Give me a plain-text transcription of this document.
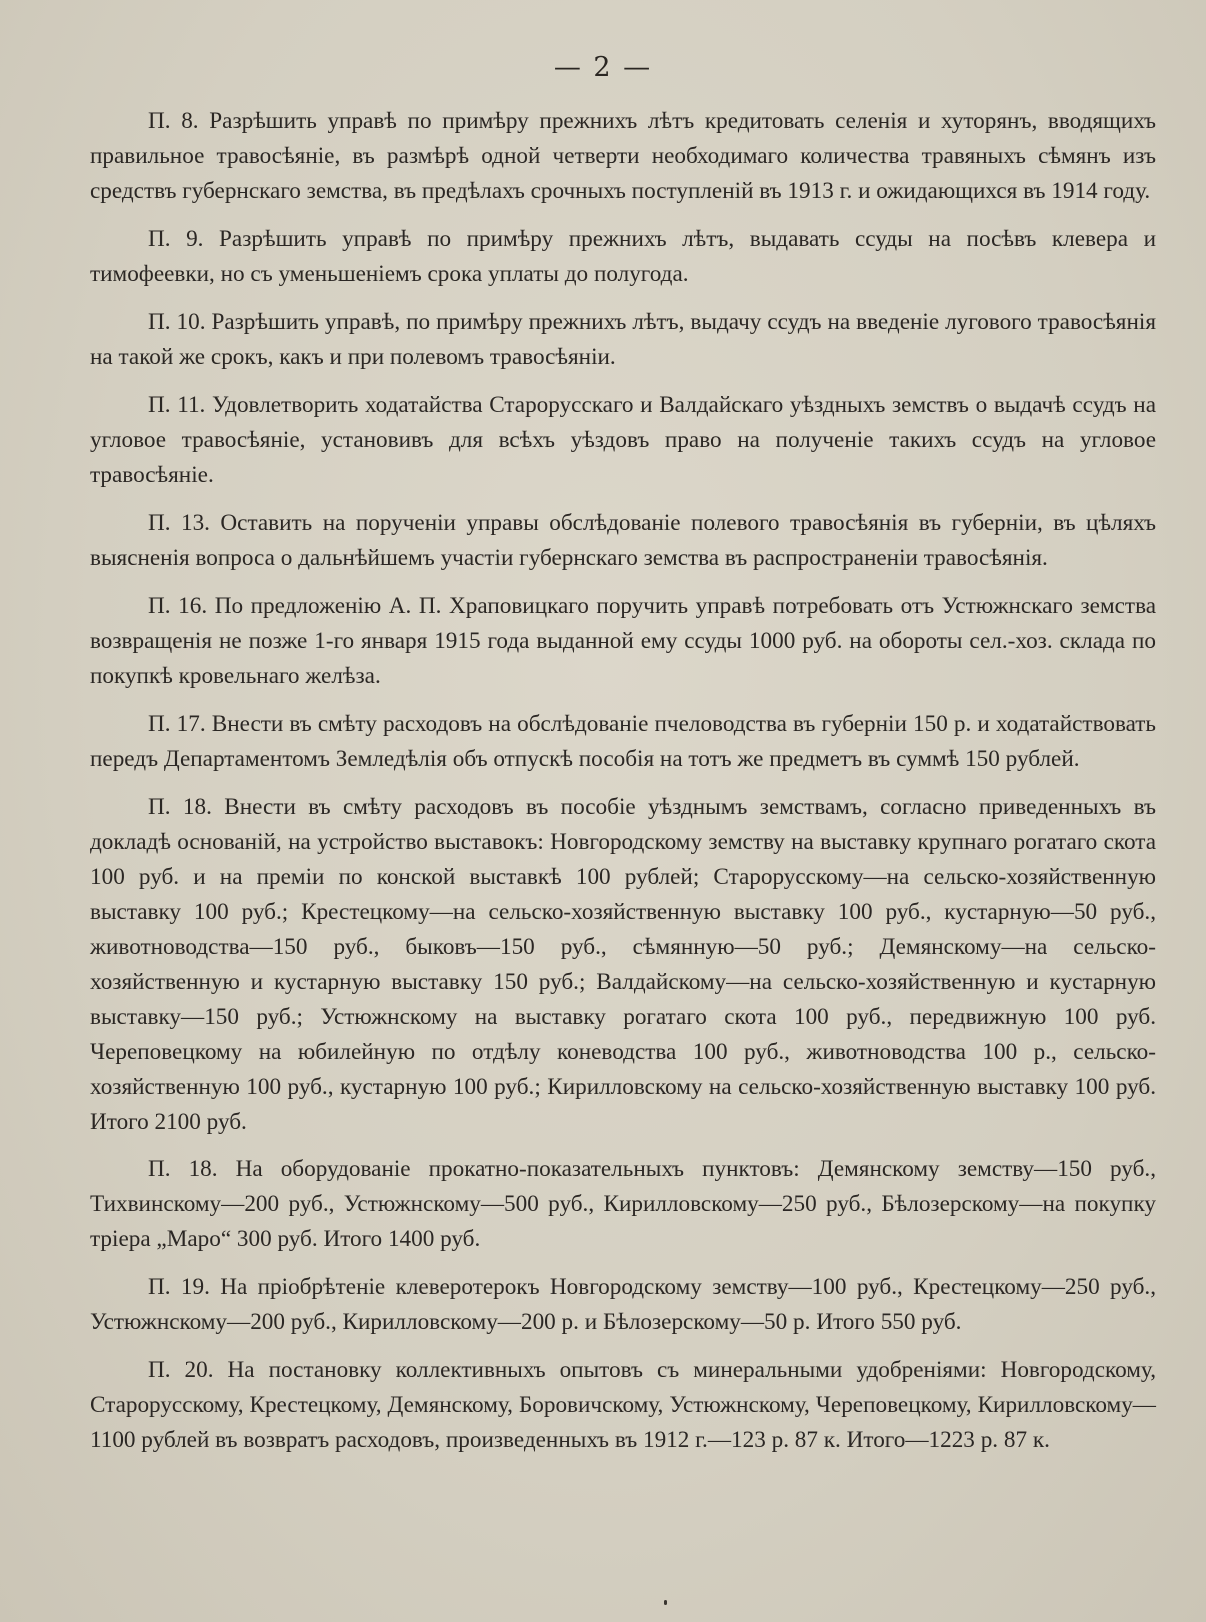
— 2 —

П. 8. Разрѣшить управѣ по примѣру прежнихъ лѣтъ кредитовать селенія и хуторянъ, вводящихъ правильное травосѣяніе, въ размѣрѣ одной четверти необходимаго количества травяныхъ сѣмянъ изъ средствъ губернскаго земства, въ предѣлахъ срочныхъ поступленій въ 1913 г. и ожидающихся въ 1914 году.

П. 9. Разрѣшить управѣ по примѣру прежнихъ лѣтъ, выдавать ссуды на посѣвъ клевера и тимофеевки, но съ уменьшеніемъ срока уплаты до полугода.

П. 10. Разрѣшить управѣ, по примѣру прежнихъ лѣтъ, выдачу ссудъ на введеніе лугового травосѣянія на такой же срокъ, какъ и при полевомъ травосѣяніи.

П. 11. Удовлетворить ходатайства Старорусскаго и Валдайскаго уѣздныхъ земствъ о выдачѣ ссудъ на угловое травосѣяніе, установивъ для всѣхъ уѣздовъ право на полученіе такихъ ссудъ на угловое травосѣяніе.

П. 13. Оставить на порученіи управы обслѣдованіе полевого травосѣянія въ губерніи, въ цѣляхъ выясненія вопроса о дальнѣйшемъ участіи губернскаго земства въ распространеніи травосѣянія.

П. 16. По предложенію А. П. Храповицкаго поручить управѣ потребовать отъ Устюжнскаго земства возвращенія не позже 1-го января 1915 года выданной ему ссуды 1000 руб. на обороты сел.-хоз. склада по покупкѣ кровельнаго желѣза.

П. 17. Внести въ смѣту расходовъ на обслѣдованіе пчеловодства въ губерніи 150 р. и ходатайствовать передъ Департаментомъ Земледѣлія объ отпускѣ пособія на тотъ же предметъ въ суммѣ 150 рублей.

П. 18. Внести въ смѣту расходовъ въ пособіе уѣзднымъ земствамъ, согласно приведенныхъ въ докладѣ основаній, на устройство выставокъ: Новгородскому земству на выставку крупнаго рогатаго скота 100 руб. и на преміи по конской выставкѣ 100 рублей; Старорусскому—на сельско-хозяйственную выставку 100 руб.; Крестецкому—на сельско-хозяйственную выставку 100 руб., кустарную—50 руб., животноводства—150 руб., быковъ—150 руб., сѣмянную—50 руб.; Демянскому—на сельско-хозяйственную и кустарную выставку 150 руб.; Валдайскому—на сельско-хозяйственную и кустарную выставку—150 руб.; Устюжнскому на выставку рогатаго скота 100 руб., передвижную 100 руб. Череповецкому на юбилейную по отдѣлу коневодства 100 руб., животноводства 100 р., сельско-хозяйственную 100 руб., кустарную 100 руб.; Кирилловскому на сельско-хозяйственную выставку 100 руб. Итого 2100 руб.

П. 18. На оборудованіе прокатно-показательныхъ пунктовъ: Демянскому земству—150 руб., Тихвинскому—200 руб., Устюжнскому—500 руб., Кирилловскому—250 руб., Бѣлозерскому—на покупку тріера „Маро“ 300 руб. Итого 1400 руб.

П. 19. На пріобрѣтеніе клеверотерокъ Новгородскому земству—100 руб., Крестецкому—250 руб., Устюжнскому—200 руб., Кирилловскому—200 р. и Бѣлозерскому—50 р. Итого 550 руб.

П. 20. На постановку коллективныхъ опытовъ съ минеральными удобреніями: Новгородскому, Старорусскому, Крестецкому, Демянскому, Боровичскому, Устюжнскому, Череповецкому, Кирилловскому—1100 рублей въ возвратъ расходовъ, произведенныхъ въ 1912 г.—123 р. 87 к. Итого—1223 р. 87 к.
